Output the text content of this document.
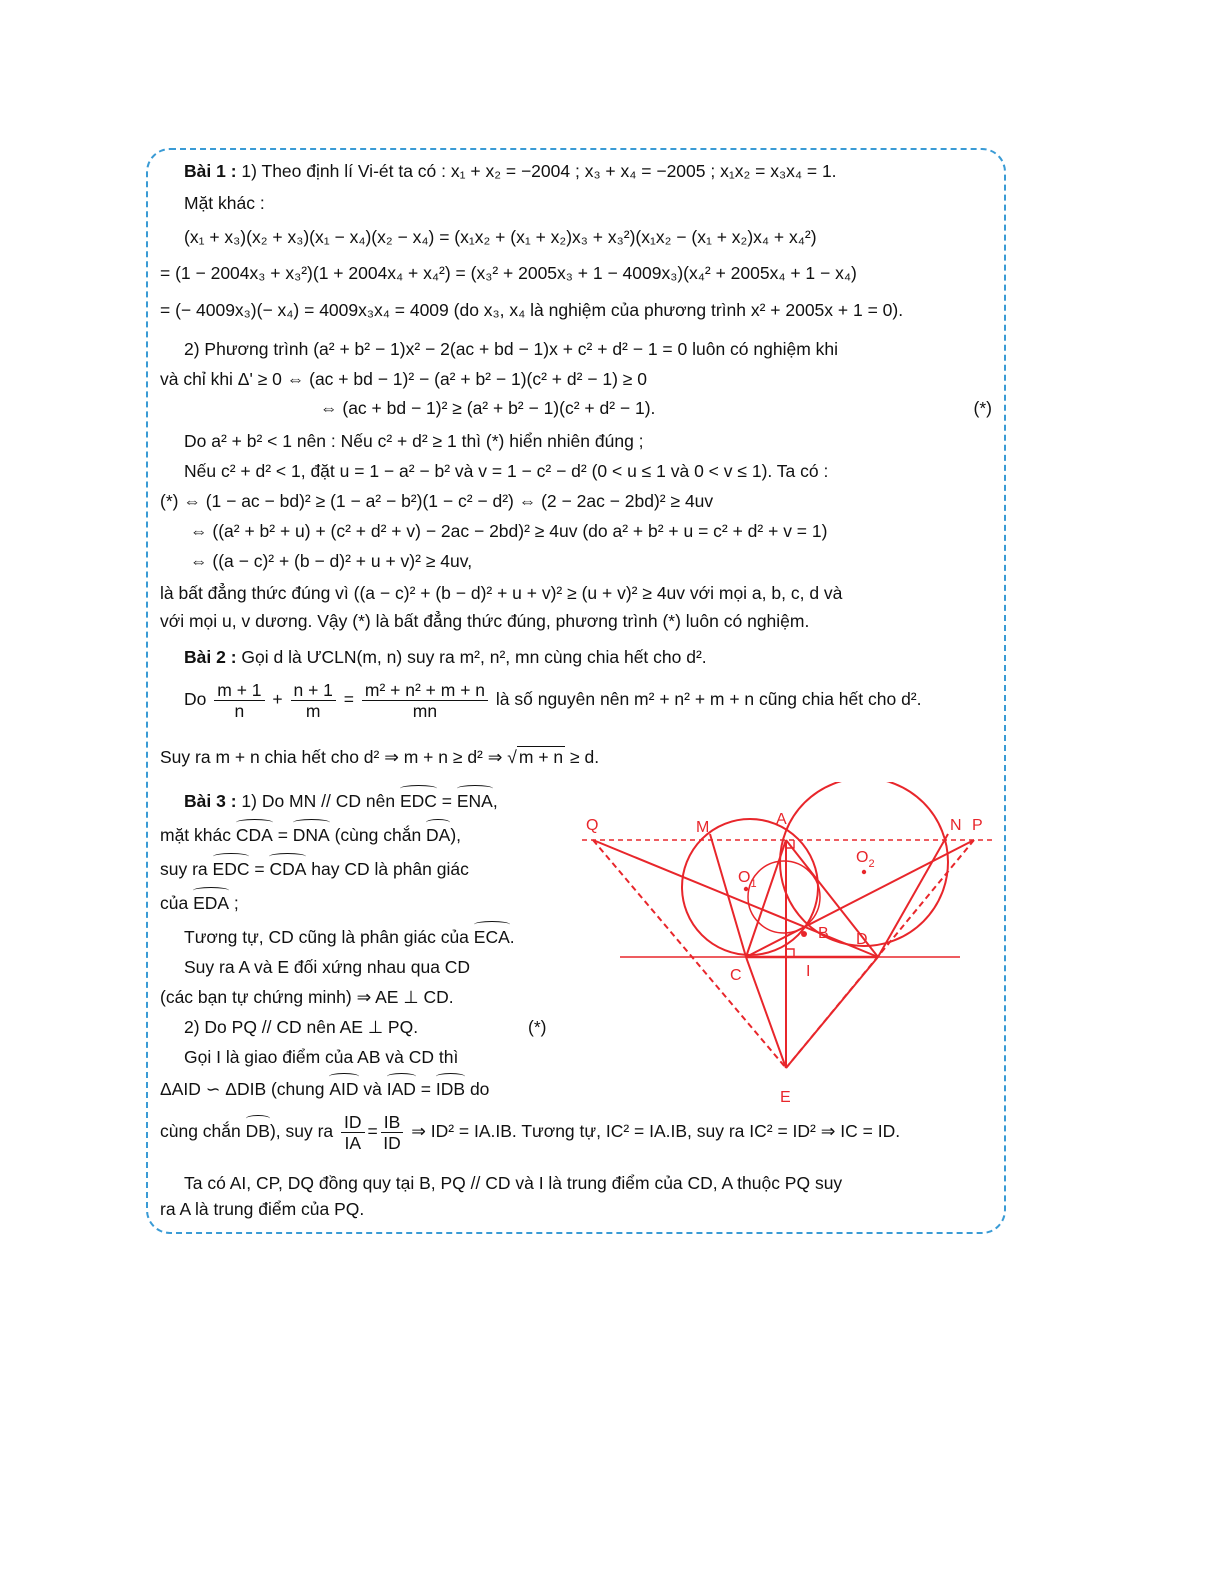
Bài 1 : 1) Theo định lí Vi-ét ta có : x₁ + x₂ = −2004 ; x₃ + x₄ = −2005 ; x₁x₂ = x₃x₄ = 1.
Mặt khác :
(x₁ + x₃)(x₂ + x₃)(x₁ − x₄)(x₂ − x₄) = (x₁x₂ + (x₁ + x₂)x₃ + x₃²)(x₁x₂ − (x₁ + x₂)x₄ + x₄²)
= (1 − 2004x₃ + x₃²)(1 + 2004x₄ + x₄²) = (x₃² + 2005x₃ + 1 − 4009x₃)(x₄² + 2005x₄ + 1 − x₄)
= (− 4009x₃)(− x₄) = 4009x₃x₄ = 4009 (do x₃, x₄ là nghiệm của phương trình x² + 2005x + 1 = 0).
2) Phương trình (a² + b² − 1)x² − 2(ac + bd − 1)x + c² + d² − 1 = 0 luôn có nghiệm khi
và chỉ khi Δ' ≥ 0 ⇔ (ac + bd − 1)² − (a² + b² − 1)(c² + d² − 1) ≥ 0
⇔ (ac + bd − 1)² ≥ (a² + b² − 1)(c² + d² − 1).	(*)
Do a² + b² < 1 nên : Nếu c² + d² ≥ 1 thì (*) hiển nhiên đúng ;
Nếu c² + d² < 1, đặt u = 1 − a² − b² và v = 1 − c² − d² (0 < u ≤ 1 và 0 < v ≤ 1). Ta có :
(*) ⇔ (1 − ac − bd)² ≥ (1 − a² − b²)(1 − c² − d²) ⇔ (2 − 2ac − 2bd)² ≥ 4uv
⇔ ((a² + b² + u) + (c² + d² + v) − 2ac − 2bd)² ≥ 4uv (do a² + b² + u = c² + d² + v = 1)
⇔ ((a − c)² + (b − d)² + u + v)² ≥ 4uv,
là bất đẳng thức đúng vì ((a − c)² + (b − d)² + u + v)² ≥ (u + v)² ≥ 4uv với mọi a, b, c, d và
với mọi u, v dương. Vậy (*) là bất đẳng thức đúng, phương trình (*) luôn có nghiệm.
Bài 2 : Gọi d là ƯCLN(m, n) suy ra m², n², mn cùng chia hết cho d².
Do $\frac{m + 1}{n} + \frac{n + 1}{m} = \frac{\text{m² + n² + m + n}}{mn}$ là số nguyên nên m² + n² + m + n cũng chia hết cho d².
Suy ra m + n chia hết cho d² ⇒ m + n ≥ d² ⇒ √ m + n ≥ d.
Bài 3 : 1) Do MN // CD nên EDC = ENA,
mặt khác CDA = DNA (cùng chắn DA),
suy ra EDC = CDA hay CD là phân giác
của EDA ;
Tương tự, CD cũng là phân giác của ECA.
Suy ra A và E đối xứng nhau qua CD
(các bạn tự chứng minh) ⇒ AE ⊥ CD.
2) Do PQ // CD nên AE ⊥ PQ.	(*)
Gọi I là giao điểm của AB và CD thì
ΔAID ∽ ΔDIB (chung AID và IAD = IDB do
cùng chắn DB), suy ra $\frac{ID}{IA} = \frac{IB}{ID}$ ⇒ ID² = IA.IB. Tương tự, IC² = IA.IB, suy ra IC² = ID² ⇒ IC = ID.
Ta có AI, CP, DQ đồng quy tại B, PQ // CD và I là trung điểm của CD, A thuộc PQ suy
ra A là trung điểm của PQ.
Q	M	A	N P
$O_1$
$O_2$
B D
C	I
E
